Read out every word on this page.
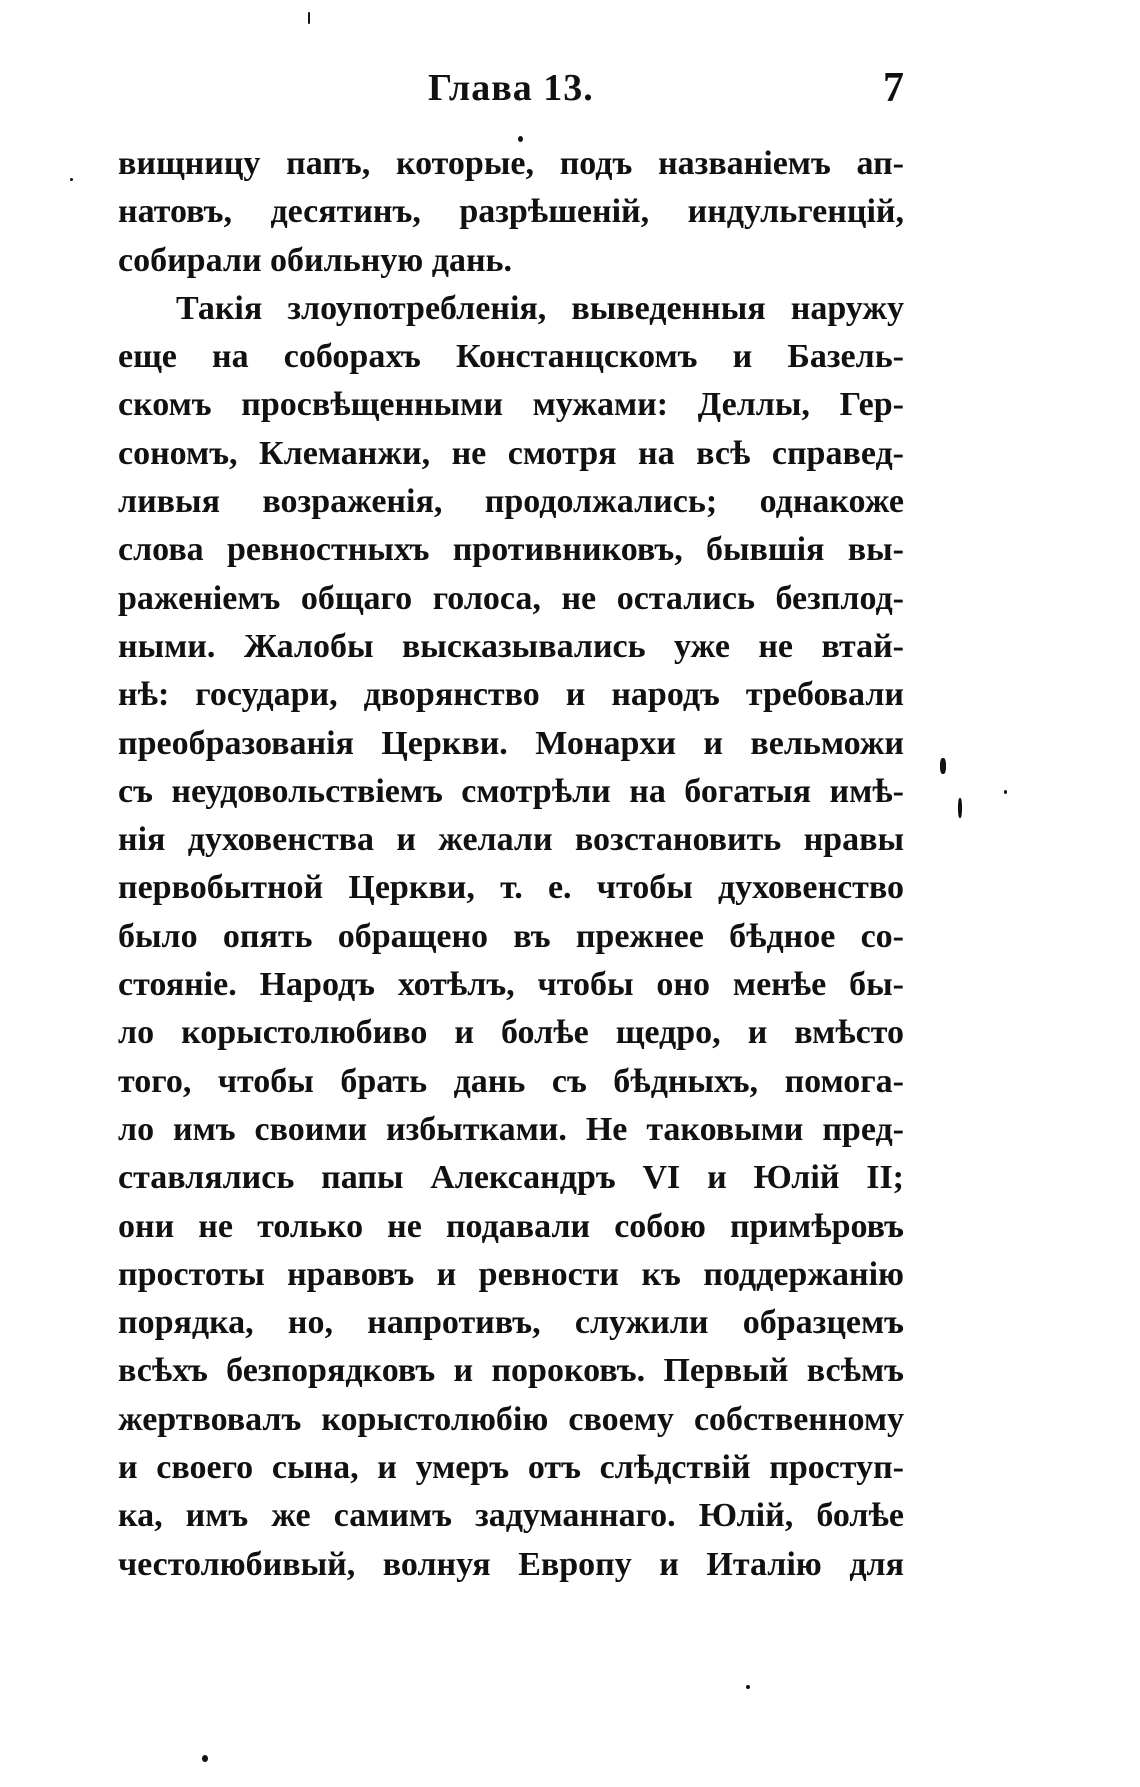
Глава 13.	7
вищницу папъ, которые, подъ названіемъ ап-
натовъ, десятинъ, разрѣшеній, индульгенцій,
собирали обильную дань.
Такія злоупотребленія, выведенныя наружу
еще на соборахъ Констанцскомъ и Базель-
скомъ просвѣщенными мужами: Деллы, Гер-
сономъ, Клеманжи, не смотря на всѣ справед-
ливыя возраженія, продолжались; однакоже
слова ревностныхъ противниковъ, бывшія вы-
раженіемъ общаго голоса, не остались безплод-
ными. Жалобы высказывались уже не втай-
нѣ: государи, дворянство и народъ требовали
преобразованія Церкви. Монархи и вельможи
съ неудовольствіемъ смотрѣли на богатыя имѣ-
нія духовенства и желали возстановить нравы
первобытной Церкви, т. е. чтобы духовенство
было опять обращено въ прежнее бѣдное со-
стояніе. Народъ хотѣлъ, чтобы оно менѣе бы-
ло корыстолюбиво и болѣе щедро, и вмѣсто
того, чтобы брать дань съ бѣдныхъ, помога-
ло имъ своими избытками. Не таковыми пред-
ставлялись папы Александръ VI и Юлій II;
они не только не подавали собою примѣровъ
простоты нравовъ и ревности къ поддержанію
порядка, но, напротивъ, служили образцемъ
всѣхъ безпорядковъ и пороковъ. Первый всѣмъ
жертвовалъ корыстолюбію своему собственному
и своего сына, и умеръ отъ слѣдствій проступ-
ка, имъ же самимъ задуманнаго. Юлій, болѣе
честолюбивый, волнуя Европу и Италію для
